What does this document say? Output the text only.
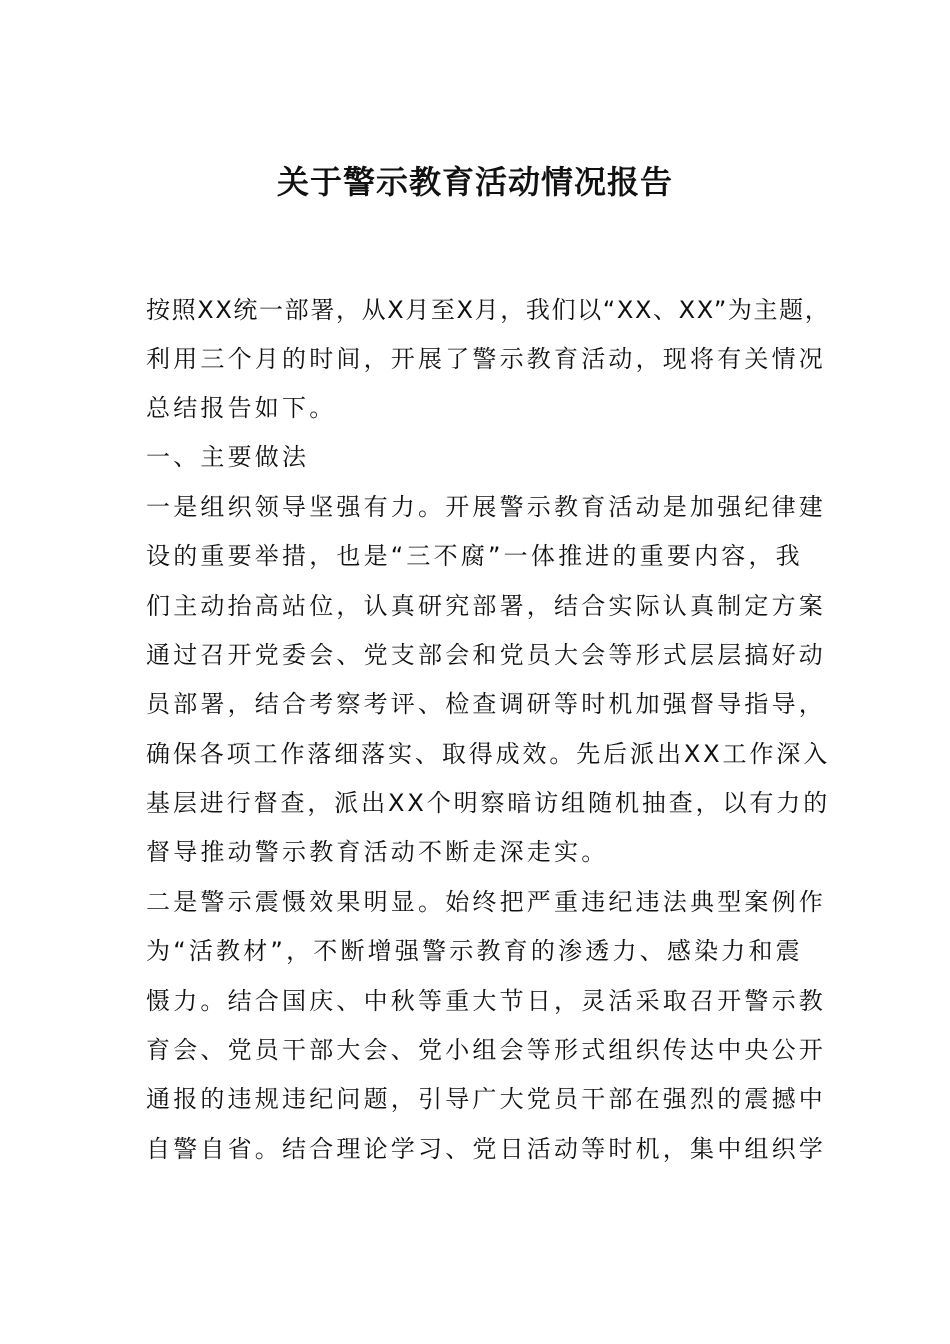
关于警示教育活动情况报告
按照XX统一部署，从X月至X月，我们以“XX、XX”为主题，
利用三个月的时间，开展了警示教育活动，现将有关情况
总结报告如下。
一、主要做法
一是组织领导坚强有力。开展警示教育活动是加强纪律建
设的重要举措，也是“三不腐”一体推进的重要内容，我
们主动抬高站位，认真研究部署，结合实际认真制定方案
通过召开党委会、党支部会和党员大会等形式层层搞好动
员部署，结合考察考评、检查调研等时机加强督导指导，
确保各项工作落细落实、取得成效。先后派出XX工作深入
基层进行督查，派出XX个明察暗访组随机抽查，以有力的
督导推动警示教育活动不断走深走实。
二是警示震慑效果明显。始终把严重违纪违法典型案例作
为“活教材”，不断增强警示教育的渗透力、感染力和震
慑力。结合国庆、中秋等重大节日，灵活采取召开警示教
育会、党员干部大会、党小组会等形式组织传达中央公开
通报的违规违纪问题，引导广大党员干部在强烈的震撼中
自警自省。结合理论学习、党日活动等时机，集中组织学
